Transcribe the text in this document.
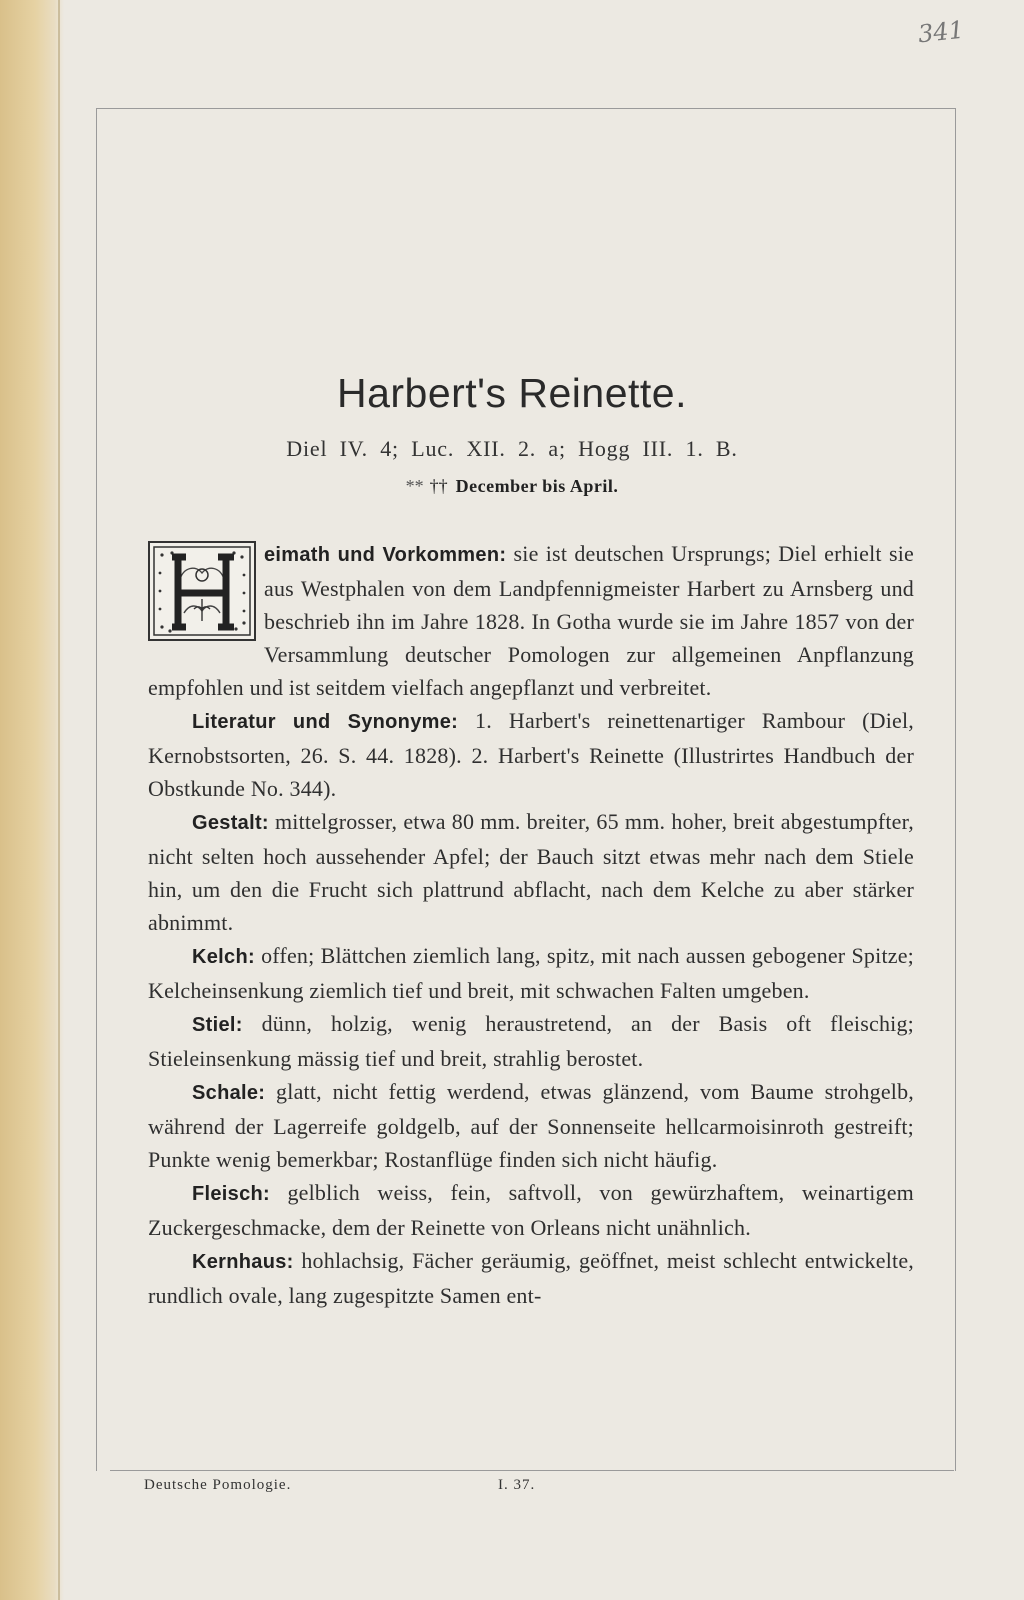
341
Harbert's Reinette.
Diel IV. 4; Luc. XII. 2. a; Hogg III. 1. B.
** †† December bis April.

eimath und Vorkommen: sie ist deutschen Ursprungs; Diel erhielt sie aus Westphalen von dem Landpfennigmeister Harbert zu Arnsberg und beschrieb ihn im Jahre 1828. In Gotha wurde sie im Jahre 1857 von der Versammlung deutscher Pomologen zur allgemeinen Anpflanzung empfohlen und ist seitdem vielfach angepflanzt und verbreitet.

Literatur und Synonyme: 1. Harbert's reinettenartiger Rambour (Diel, Kernobstsorten, 26. S. 44. 1828). 2. Harbert's Reinette (Illustrirtes Handbuch der Obstkunde No. 344).

Gestalt: mittelgrosser, etwa 80 mm. breiter, 65 mm. hoher, breit abgestumpfter, nicht selten hoch aussehender Apfel; der Bauch sitzt etwas mehr nach dem Stiele hin, um den die Frucht sich plattrund abflacht, nach dem Kelche zu aber stärker abnimmt.

Kelch: offen; Blättchen ziemlich lang, spitz, mit nach aussen gebogener Spitze; Kelcheinsenkung ziemlich tief und breit, mit schwachen Falten umgeben.

Stiel: dünn, holzig, wenig heraustretend, an der Basis oft fleischig; Stieleinsenkung mässig tief und breit, strahlig berostet.

Schale: glatt, nicht fettig werdend, etwas glänzend, vom Baume strohgelb, während der Lagerreife goldgelb, auf der Sonnenseite hellcarmoisinroth gestreift; Punkte wenig bemerkbar; Rostanflüge finden sich nicht häufig.

Fleisch: gelblich weiss, fein, saftvoll, von gewürzhaftem, weinartigem Zuckergeschmacke, dem der Reinette von Orleans nicht unähnlich.

Kernhaus: hohlachsig, Fächer geräumig, geöffnet, meist schlecht entwickelte, rundlich ovale, lang zugespitzte Samen ent-

Deutsche Pomologie.	I. 37.
